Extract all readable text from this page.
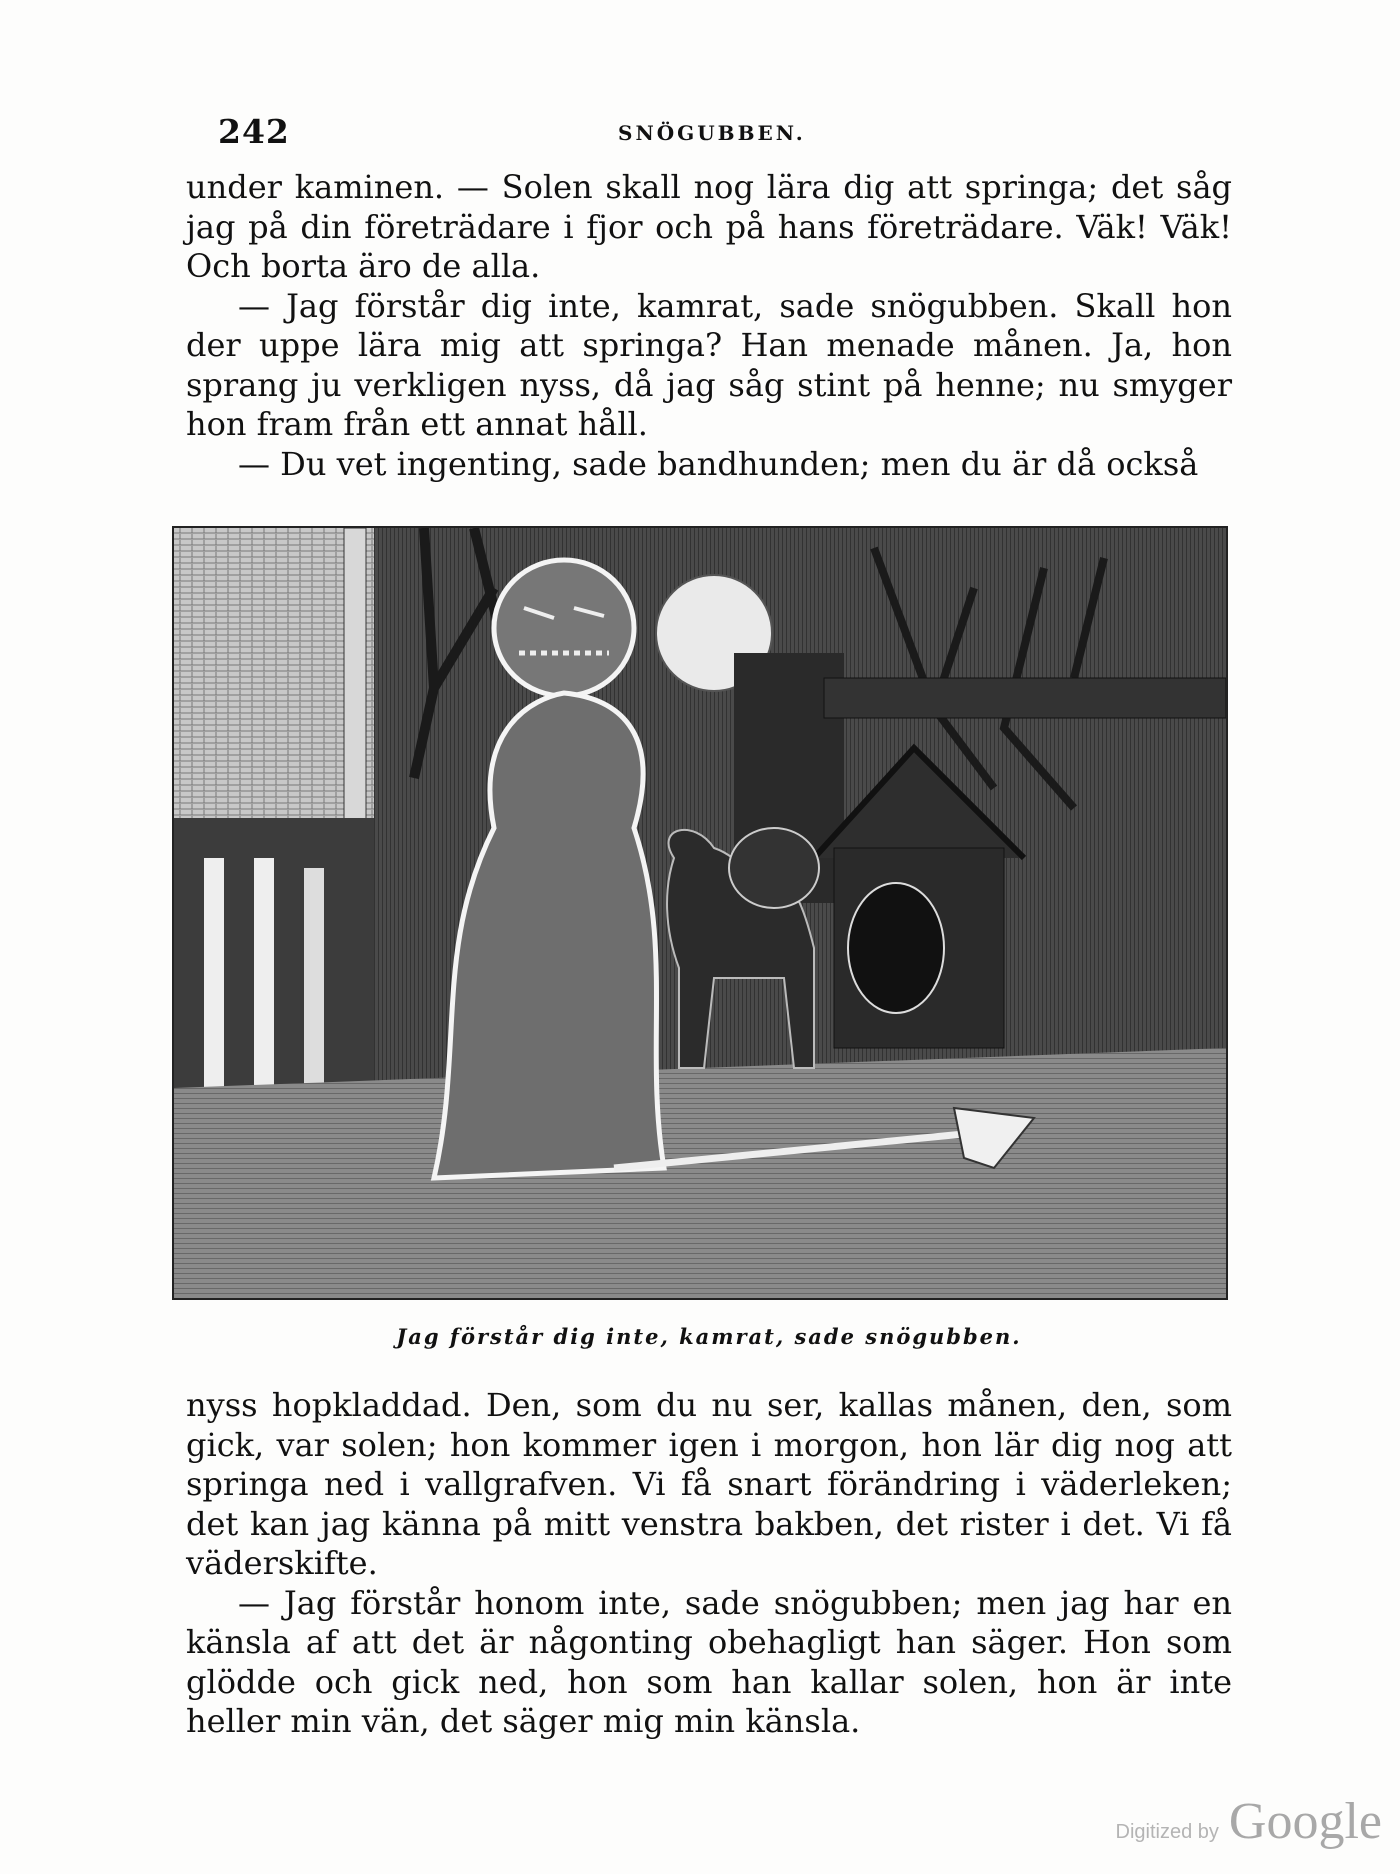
242	SNÖGUBBEN.

under kaminen. — Solen skall nog lära dig att springa; det såg jag på din företrädare i fjor och på hans företrädare. Väk! Väk! Och borta äro de alla.

— Jag förstår dig inte, kamrat, sade snögubben. Skall hon der uppe lära mig att springa? Han menade månen. Ja, hon sprang ju verkligen nyss, då jag såg stint på henne; nu smyger hon fram från ett annat håll.

— Du vet ingenting, sade bandhunden; men du är då också

Jag förstår dig inte, kamrat, sade snögubben.

nyss hopkladdad. Den, som du nu ser, kallas månen, den, som gick, var solen; hon kommer igen i morgon, hon lär dig nog att springa ned i vallgrafven. Vi få snart förändring i väderleken; det kan jag känna på mitt venstra bakben, det rister i det. Vi få väderskifte.

— Jag förstår honom inte, sade snögubben; men jag har en känsla af att det är någonting obehagligt han säger. Hon som glödde och gick ned, hon som han kallar solen, hon är inte heller min vän, det säger mig min känsla.

Digitized by Google
